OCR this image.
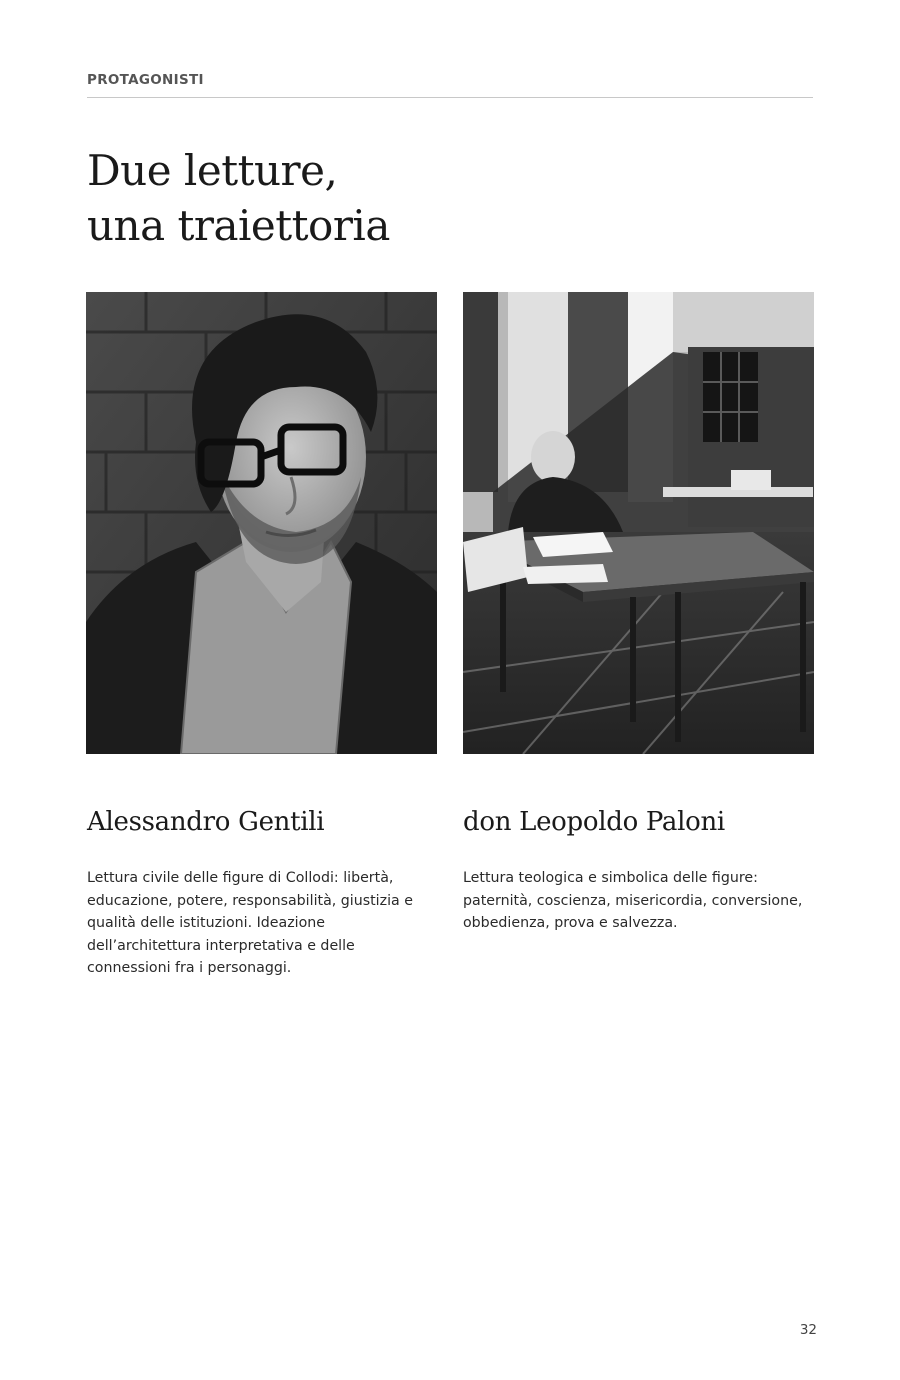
PROTAGONISTI
Due letture,
una traiettoria
Alessandro Gentili	don Leopoldo Paloni

Lettura civile delle figure di Collodi: libertà, educazione, potere, responsabilità, giustizia e qualità delle istituzioni. Ideazione dell’architettura interpretativa e delle connessioni fra i personaggi.

Lettura teologica e simbolica delle figure: paternità, coscienza, misericordia, conversione, obbedienza, prova e salvezza.

32
